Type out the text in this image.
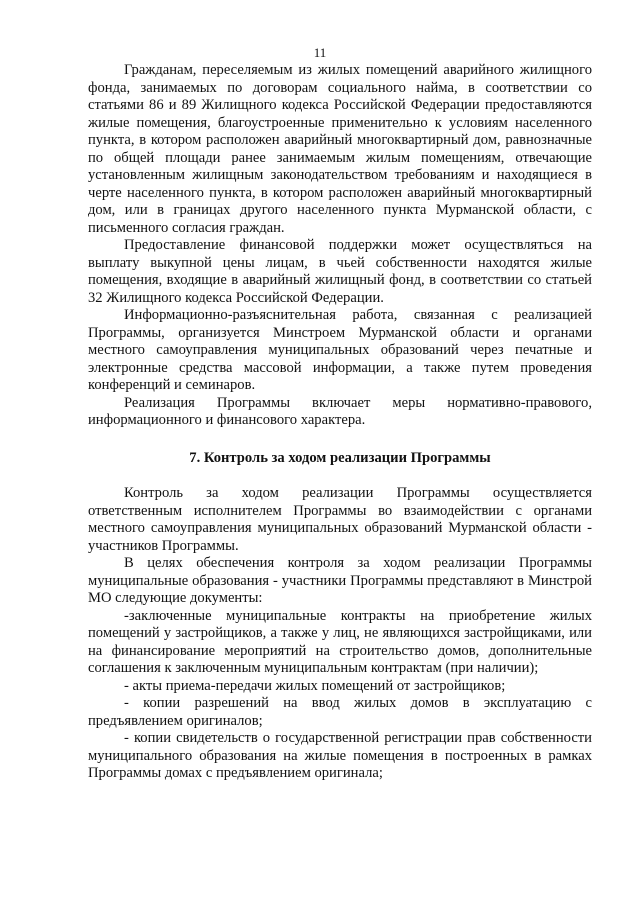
11

Гражданам, переселяемым из жилых помещений аварийного жилищного фонда, занимаемых по договорам социального найма, в соответствии со статьями 86 и 89 Жилищного кодекса Российской Федерации предоставляются жилые помещения, благоустроенные применительно к условиям населенного пункта, в котором расположен аварийный многоквартирный дом, равнозначные по общей площади ранее занимаемым жилым помещениям, отвечающие установленным жилищным законодательством требованиям и находящиеся в черте населенного пункта, в котором расположен аварийный многоквартирный дом, или в границах другого населенного пункта Мурманской области, с письменного согласия граждан.

Предоставление финансовой поддержки может осуществляться на выплату выкупной цены лицам, в чьей собственности находятся жилые помещения, входящие в аварийный жилищный фонд, в соответствии со статьей 32 Жилищного кодекса Российской Федерации.

Информационно-разъяснительная работа, связанная с реализацией Программы, организуется Минстроем Мурманской области и органами местного самоуправления муниципальных образований через печатные и электронные средства массовой информации, а также путем проведения конференций и семинаров.

Реализация Программы включает меры нормативно-правового, информационного и финансового характера.

7. Контроль за ходом реализации Программы

Контроль за ходом реализации Программы осуществляется ответственным исполнителем Программы во взаимодействии с органами местного самоуправления муниципальных образований Мурманской области - участников Программы.

В целях обеспечения контроля за ходом реализации Программы муниципальные образования - участники Программы представляют в Минстрой МО следующие документы:

-заключенные муниципальные контракты на приобретение жилых помещений у застройщиков, а также у лиц, не являющихся застройщиками, или на финансирование мероприятий на строительство домов, дополнительные соглашения к заключенным муниципальным контрактам (при наличии);

- акты приема-передачи жилых помещений от застройщиков;

- копии разрешений на ввод жилых домов в эксплуатацию с предъявлением оригиналов;

- копии свидетельств о государственной регистрации прав собственности муниципального образования на жилые помещения в построенных в рамках Программы домах с предъявлением оригинала;
